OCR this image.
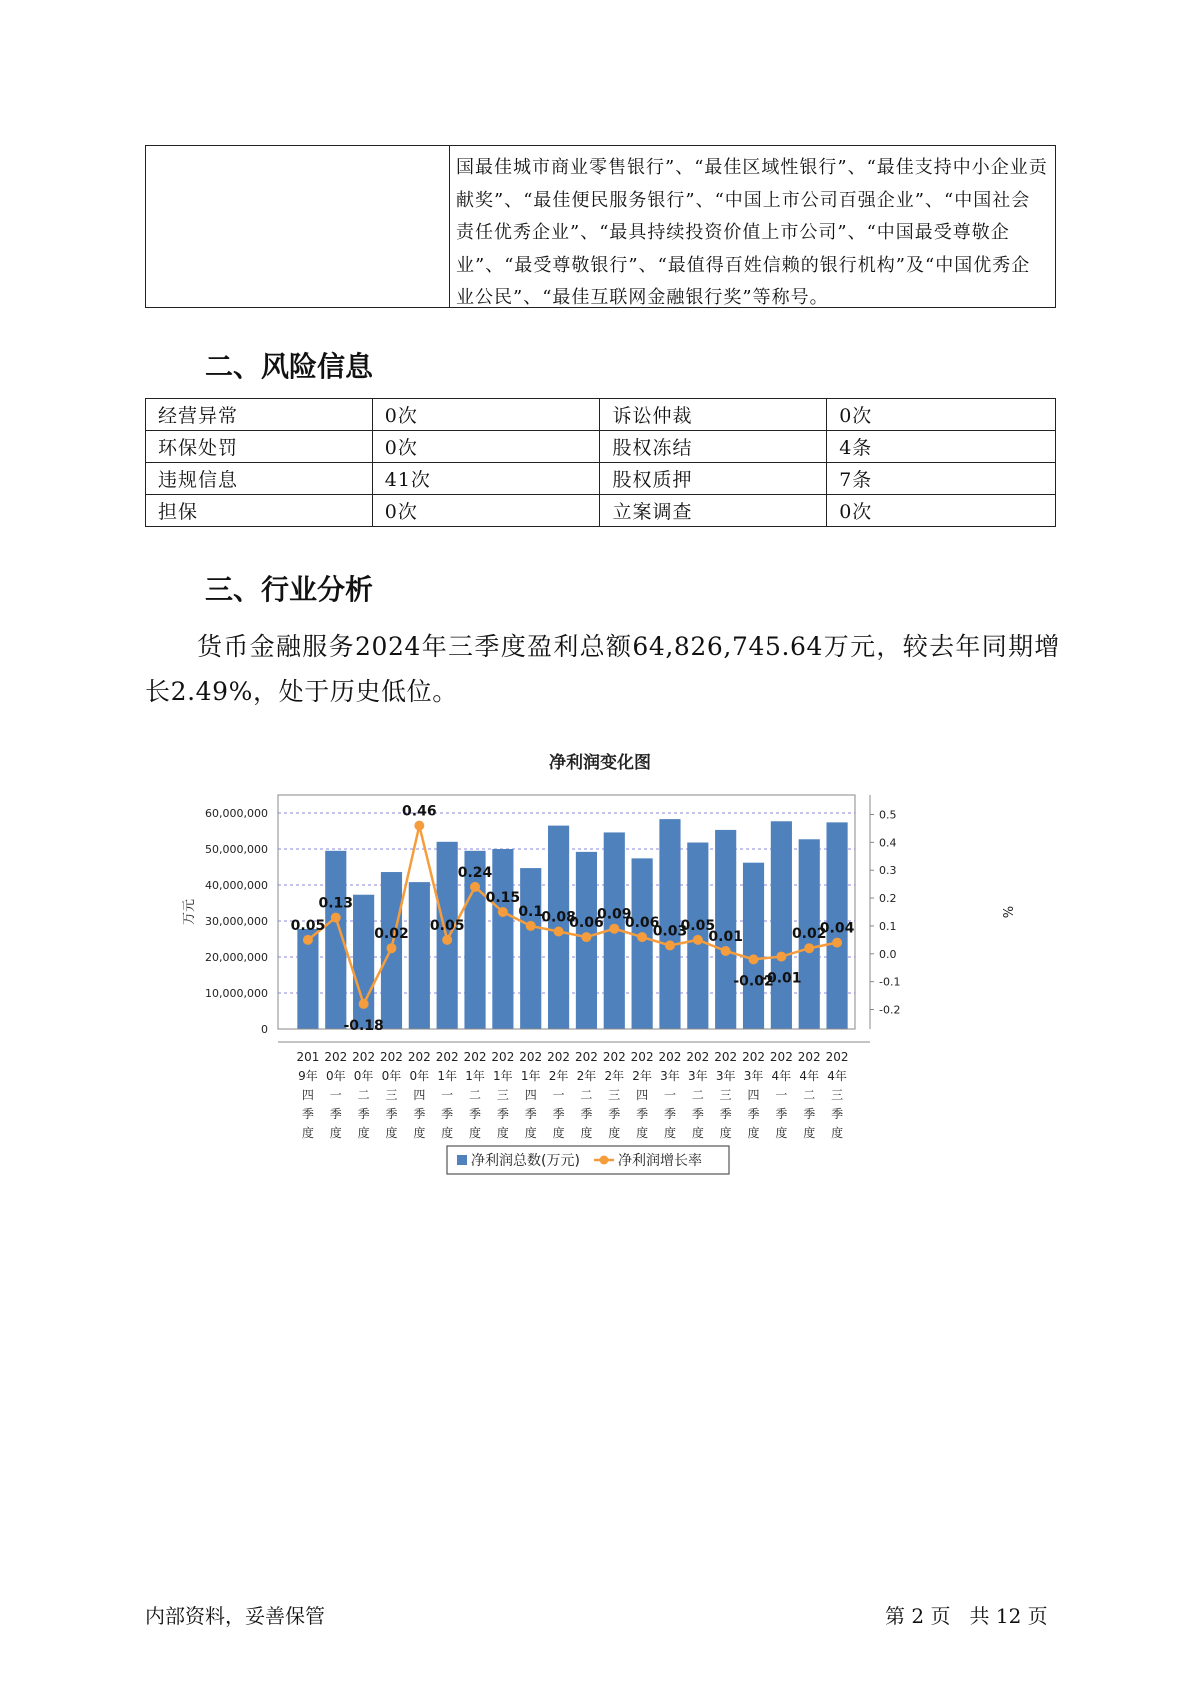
国最佳城市商业零售银行”、“最佳区域性银行”、“最佳支持中小企业贡献奖”、“最佳便民服务银行”、“中国上市公司百强企业”、“中国社会责任优秀企业”、“最具持续投资价值上市公司”、“中国最受尊敬企业”、“最受尊敬银行”、“最值得百姓信赖的银行机构”及“中国优秀企业公民”、“最佳互联网金融银行奖”等称号。
二、风险信息
经营异常	0次	诉讼仲裁	0次
环保处罚	0次	股权冻结	4条
违规信息	41次	股权质押	7条
担保	0次	立案调查	0次
三、行业分析

货币金融服务2024年三季度盈利总额64,826,745.64万元，较去年同期增长2.49%，处于历史低位。

净利润变化图
万元	%
0
10,000,000
20,000,000
30,000,000
40,000,000
50,000,000
60,000,000
-0.2
-0.1
0.0
0.1
0.2
0.3
0.4
0.5
201 9年四季度
202 0年一季度
202 0年二季度
202 0年三季度
202 0年四季度
202 1年一季度
202 1年二季度
202 1年三季度
202 1年四季度
202 2年一季度
202 2年二季度
202 2年三季度
202 2年四季度
202 3年一季度
202 3年二季度
202 3年三季度
202 3年四季度
202 4年一季度
202 4年二季度
202 4年三季度
0.05
0.13
-0.18
0.02
0.46
0.05
0.24
0.15
0.1
0.08
0.06
0.09
0.06
0.03
0.05
0.01
-0.02
-0.01
0.02
0.04
净利润总数(万元)	净利润增长率
内部资料，妥善保管	第 2 页   共 12 页
